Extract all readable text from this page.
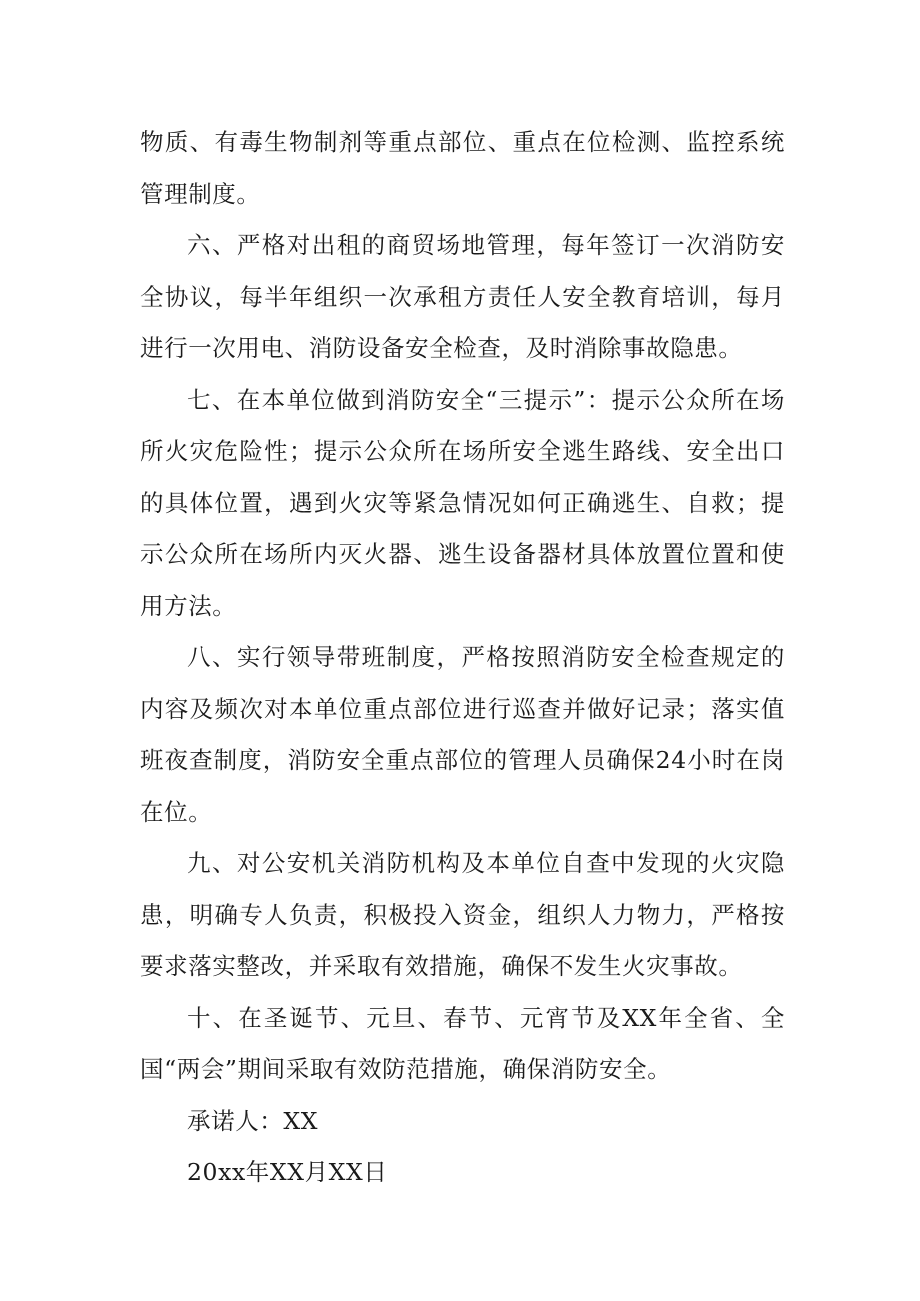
物质、有毒生物制剂等重点部位、重点在位检测、监控系统管理制度。

六、严格对出租的商贸场地管理，每年签订一次消防安全协议，每半年组织一次承租方责任人安全教育培训，每月进行一次用电、消防设备安全检查，及时消除事故隐患。

七、在本单位做到消防安全“三提示”：提示公众所在场所火灾危险性；提示公众所在场所安全逃生路线、安全出口的具体位置，遇到火灾等紧急情况如何正确逃生、自救；提示公众所在场所内灭火器、逃生设备器材具体放置位置和使用方法。

八、实行领导带班制度，严格按照消防安全检查规定的内容及频次对本单位重点部位进行巡查并做好记录；落实值班夜查制度，消防安全重点部位的管理人员确保24小时在岗在位。

九、对公安机关消防机构及本单位自查中发现的火灾隐患，明确专人负责，积极投入资金，组织人力物力，严格按要求落实整改，并采取有效措施，确保不发生火灾事故。

十、在圣诞节、元旦、春节、元宵节及XX年全省、全国“两会”期间采取有效防范措施，确保消防安全。

承诺人：XX

20xx年XX月XX日
